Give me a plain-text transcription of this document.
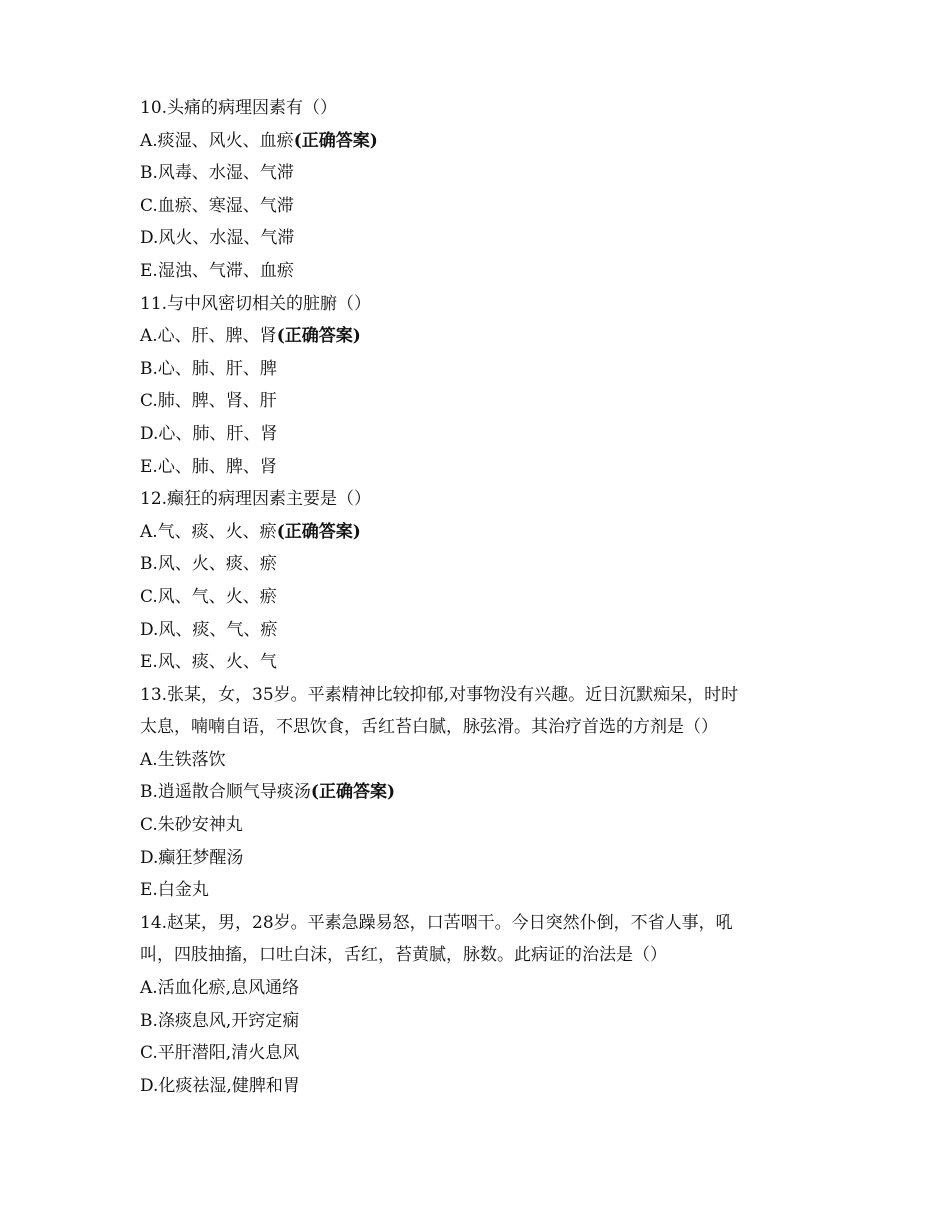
10.头痛的病理因素有（）

A.痰湿、风火、血瘀(正确答案)

B.风毒、水湿、气滞

C.血瘀、寒湿、气滞

D.风火、水湿、气滞

E.湿浊、气滞、血瘀

11.与中风密切相关的脏腑（）

A.心、肝、脾、肾(正确答案)

B.心、肺、肝、脾

C.肺、脾、肾、肝

D.心、肺、肝、肾

E.心、肺、脾、肾

12.癫狂的病理因素主要是（）

A.气、痰、火、瘀(正确答案)

B.风、火、痰、瘀

C.风、气、火、瘀

D.风、痰、气、瘀

E.风、痰、火、气

13.张某，女，35岁。平素精神比较抑郁,对事物没有兴趣。近日沉默痴呆，时时

太息，喃喃自语，不思饮食，舌红苔白腻，脉弦滑。其治疗首选的方剂是（）

A.生铁落饮

B.逍遥散合顺气导痰汤(正确答案)

C.朱砂安神丸

D.癫狂梦醒汤

E.白金丸

14.赵某，男，28岁。平素急躁易怒，口苦咽干。今日突然仆倒，不省人事，吼

叫，四肢抽搐，口吐白沫，舌红，苔黄腻，脉数。此病证的治法是（）

A.活血化瘀,息风通络

B.涤痰息风,开窍定痫

C.平肝潜阳,清火息风

D.化痰祛湿,健脾和胃
